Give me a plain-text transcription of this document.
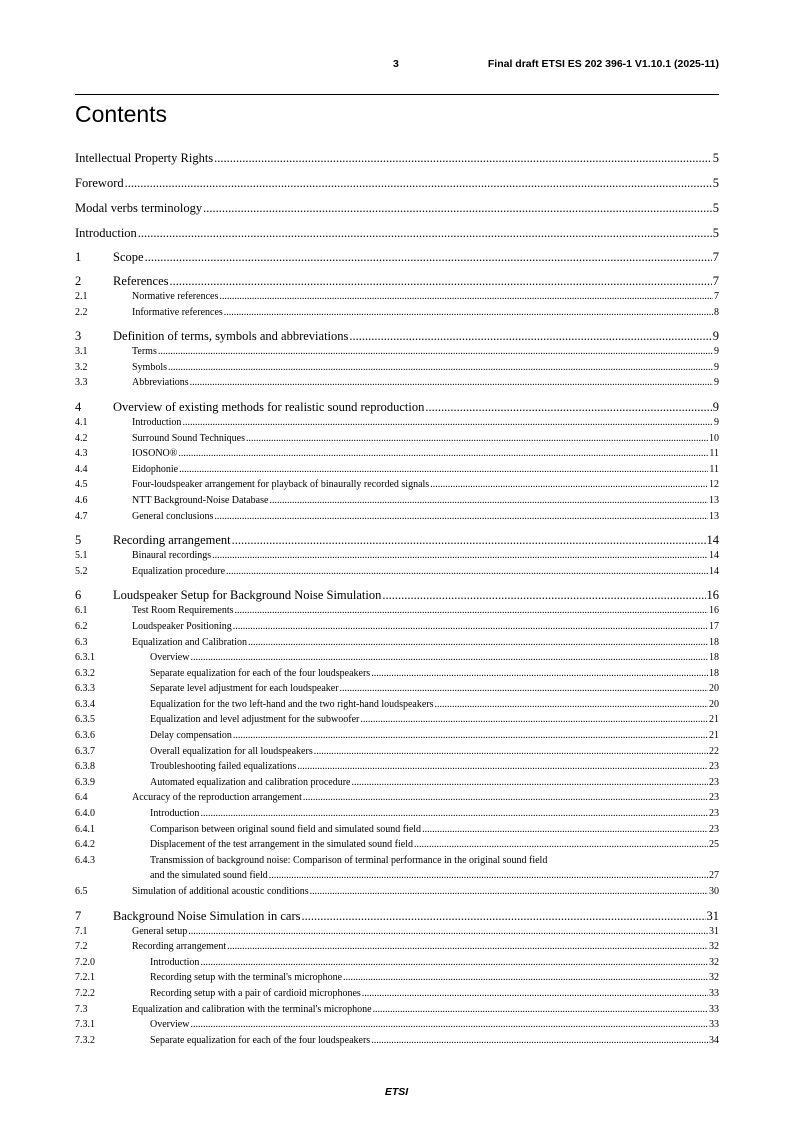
3	Final draft ETSI ES 202 396-1 V1.10.1 (2025-11)
Contents
Intellectual Property Rights .....	5
Foreword .....	5
Modal verbs terminology .....	5
Introduction .....	5
1	Scope .....	7
2	References .....	7
2.1	Normative references .....	7
2.2	Informative references .....	8
3	Definition of terms, symbols and abbreviations .....	9
3.1	Terms .....	9
3.2	Symbols .....	9
3.3	Abbreviations .....	9
4	Overview of existing methods for realistic sound reproduction .....	9
4.1	Introduction .....	9
4.2	Surround Sound Techniques .....	10
4.3	IOSONO® .....	11
4.4	Eidophonie .....	11
4.5	Four-loudspeaker arrangement for playback of binaurally recorded signals .....	12
4.6	NTT Background-Noise Database .....	13
4.7	General conclusions .....	13
5	Recording arrangement .....	14
5.1	Binaural recordings .....	14
5.2	Equalization procedure .....	14
6	Loudspeaker Setup for Background Noise Simulation .....	16
6.1	Test Room Requirements .....	16
6.2	Loudspeaker Positioning .....	17
6.3	Equalization and Calibration .....	18
6.3.1	Overview .....	18
6.3.2	Separate equalization for each of the four loudspeakers .....	18
6.3.3	Separate level adjustment for each loudspeaker .....	20
6.3.4	Equalization for the two left-hand and the two right-hand loudspeakers .....	20
6.3.5	Equalization and level adjustment for the subwoofer .....	21
6.3.6	Delay compensation .....	21
6.3.7	Overall equalization for all loudspeakers .....	22
6.3.8	Troubleshooting failed equalizations .....	23
6.3.9	Automated equalization and calibration procedure .....	23
6.4	Accuracy of the reproduction arrangement .....	23
6.4.0	Introduction .....	23
6.4.1	Comparison between original sound field and simulated sound field .....	23
6.4.2	Displacement of the test arrangement in the simulated sound field .....	25
6.4.3	Transmission of background noise: Comparison of terminal performance in the original sound field
and the simulated sound field .....	27
6.5	Simulation of additional acoustic conditions .....	30
7	Background Noise Simulation in cars .....	31
7.1	General setup .....	31
7.2	Recording arrangement .....	32
7.2.0	Introduction .....	32
7.2.1	Recording setup with the terminal's microphone .....	32
7.2.2	Recording setup with a pair of cardioid microphones .....	33
7.3	Equalization and calibration with the terminal's microphone .....	33
7.3.1	Overview .....	33
7.3.2	Separate equalization for each of the four loudspeakers .....	34
ETSI
